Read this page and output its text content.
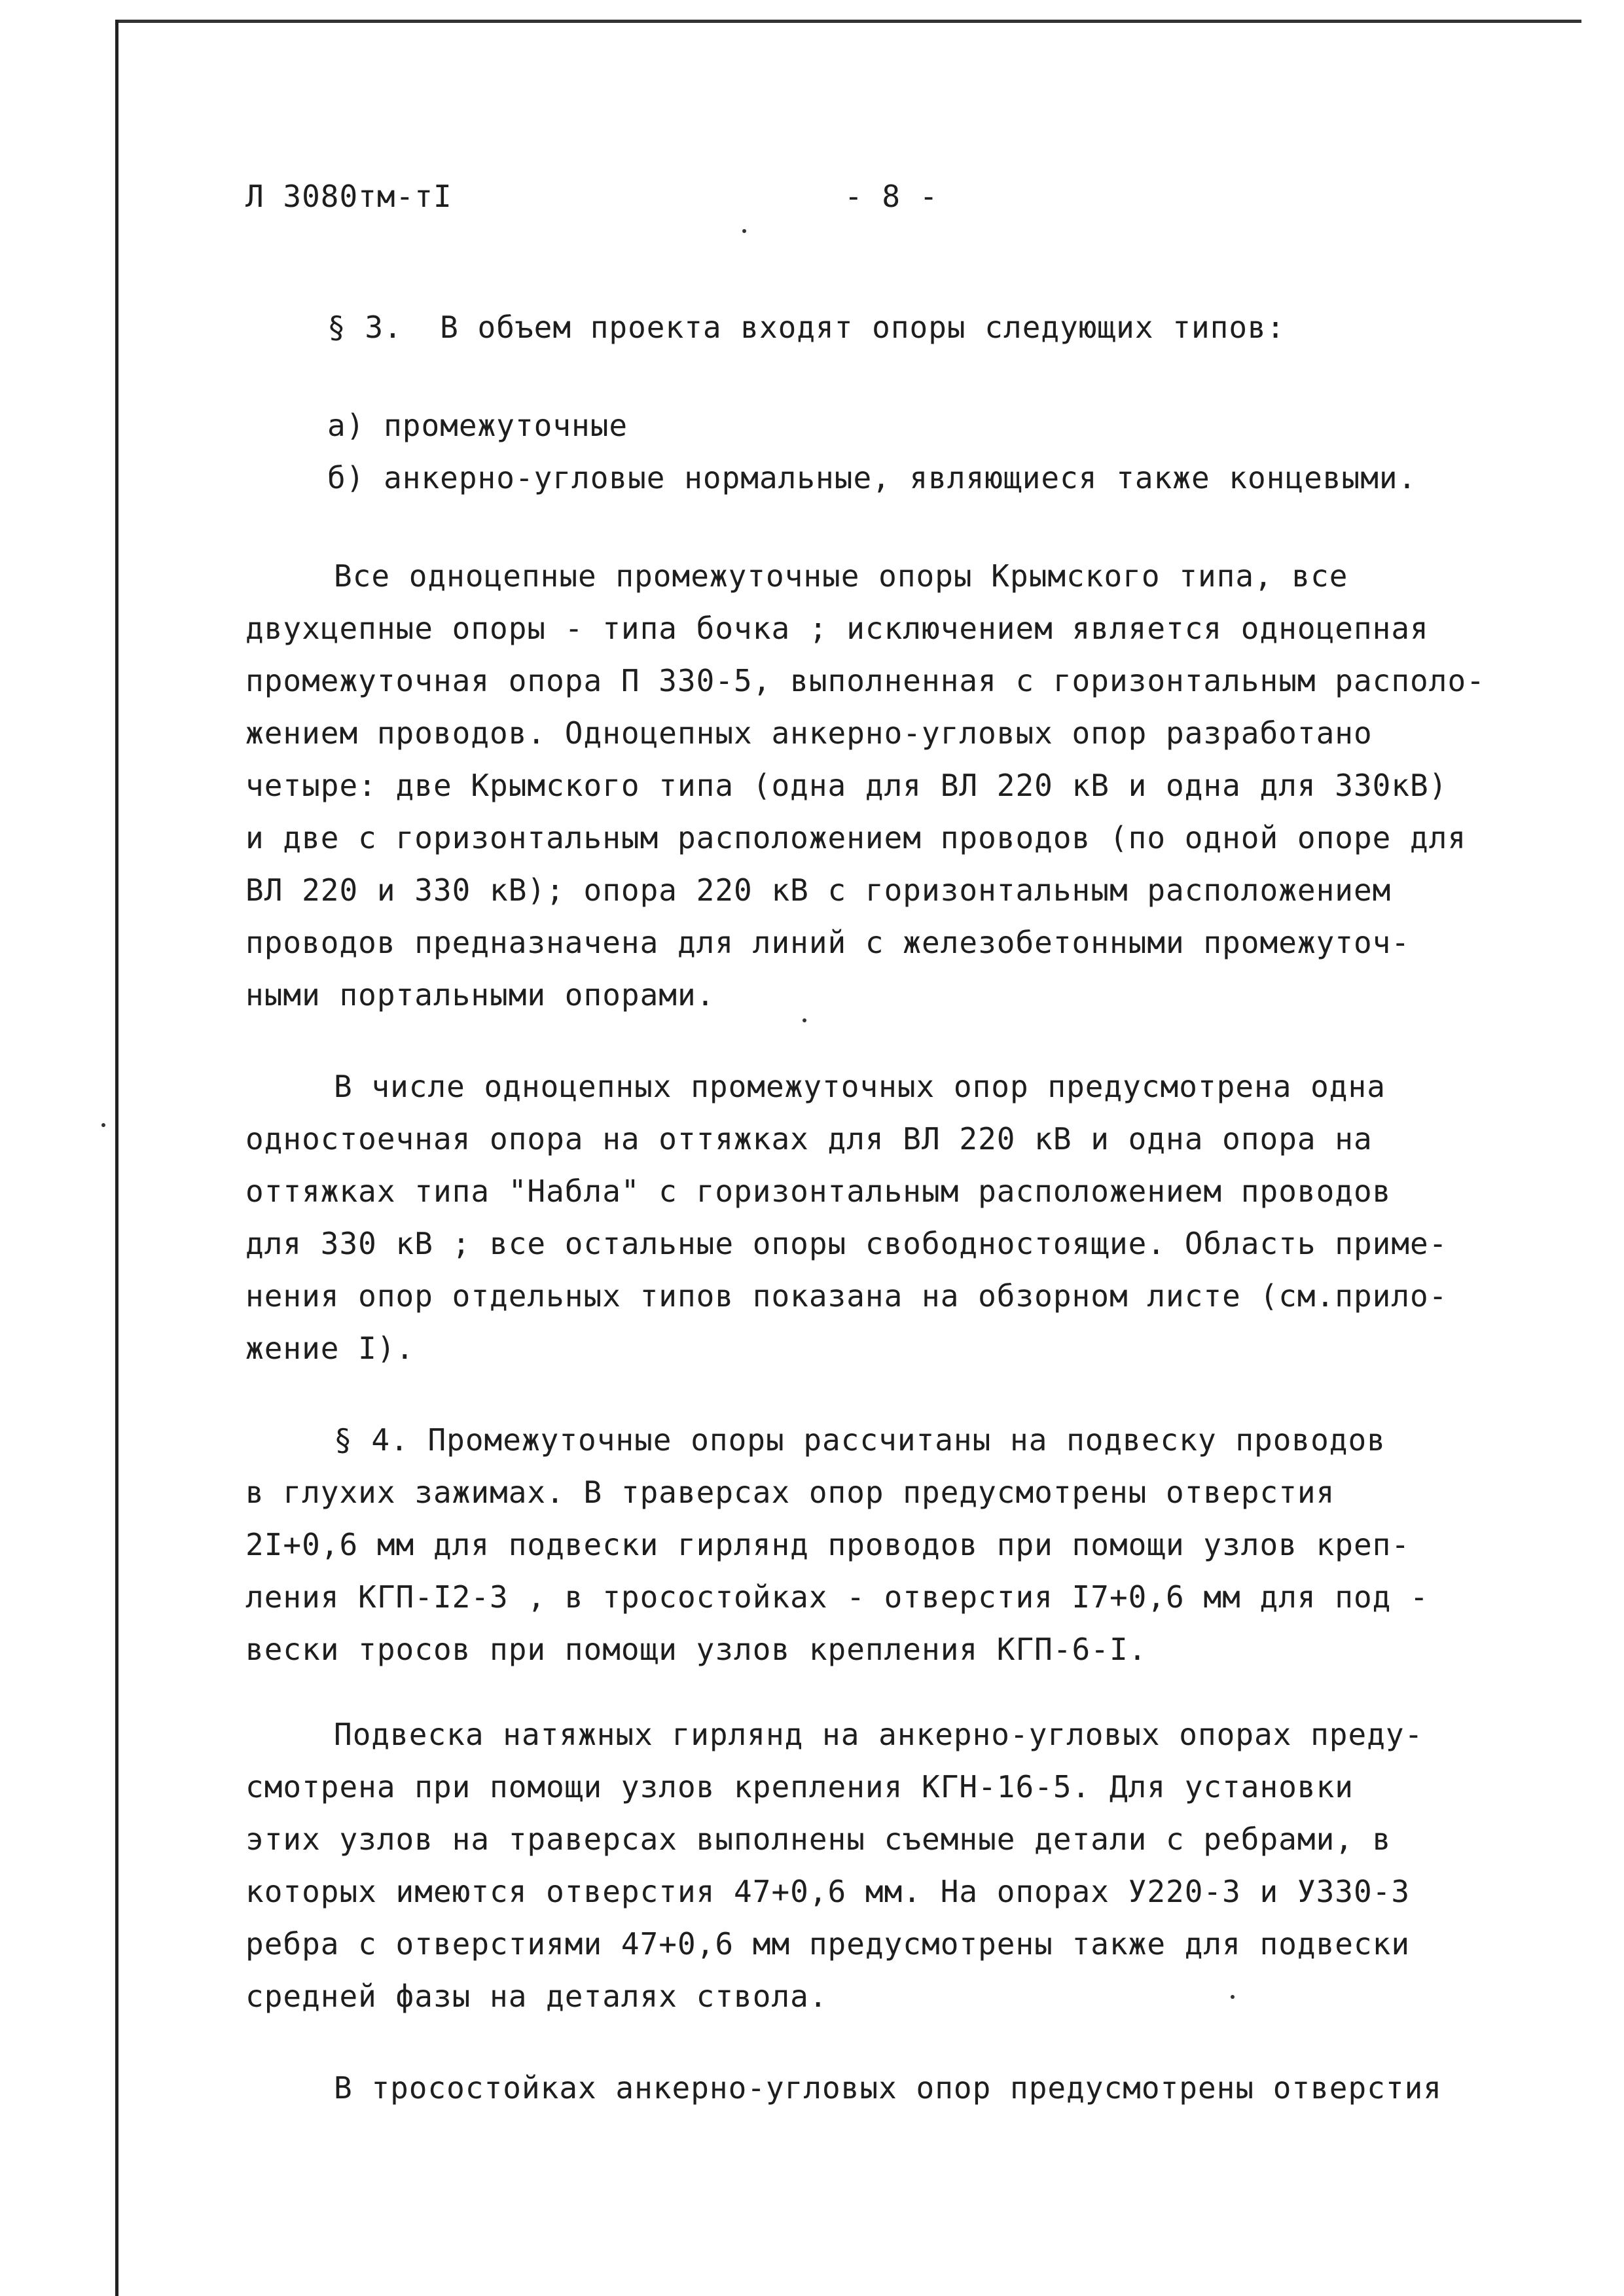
Л 3080тм-тI	- 8 -

§ 3.  В объем проекта входят опоры следующих типов:

а) промежуточные

б) анкерно-угловые нормальные, являющиеся также концевыми.

Все одноцепные промежуточные опоры Крымского типа, все

двухцепные опоры - типа бочка ; исключением является одноцепная

промежуточная опора П 330-5, выполненная с горизонтальным располо-

жением проводов. Одноцепных анкерно-угловых опор разработано

четыре: две Крымского типа (одна для ВЛ 220 кВ и одна для 330кВ)

и две с горизонтальным расположением проводов (по одной опоре для

ВЛ 220 и 330 кВ); опора 220 кВ с горизонтальным расположением

проводов предназначена для линий с железобетонными промежуточ-

ными портальными опорами.

В числе одноцепных промежуточных опор предусмотрена одна

одностоечная опора на оттяжках для ВЛ 220 кВ и одна опора на

оттяжках типа "Набла" с горизонтальным расположением проводов

для 330 кВ ; все остальные опоры свободностоящие. Область приме-

нения опор отдельных типов показана на обзорном листе (см.прило-

жение I).

§ 4. Промежуточные опоры рассчитаны на подвеску проводов

в глухих зажимах. В траверсах опор предусмотрены отверстия

2I+0,6 мм для подвески гирлянд проводов при помощи узлов креп-

ления КГП-I2-3 , в тросостойках - отверстия I7+0,6 мм для под -

вески тросов при помощи узлов крепления КГП-6-I.

Подвеска натяжных гирлянд на анкерно-угловых опорах преду-

смотрена при помощи узлов крепления КГН-16-5. Для установки

этих узлов на траверсах выполнены съемные детали с ребрами, в

которых имеются отверстия 47+0,6 мм. На опорах У220-3 и У330-3

ребра с отверстиями 47+0,6 мм предусмотрены также для подвески

средней фазы на деталях ствола.

В тросостойках анкерно-угловых опор предусмотрены отверстия
